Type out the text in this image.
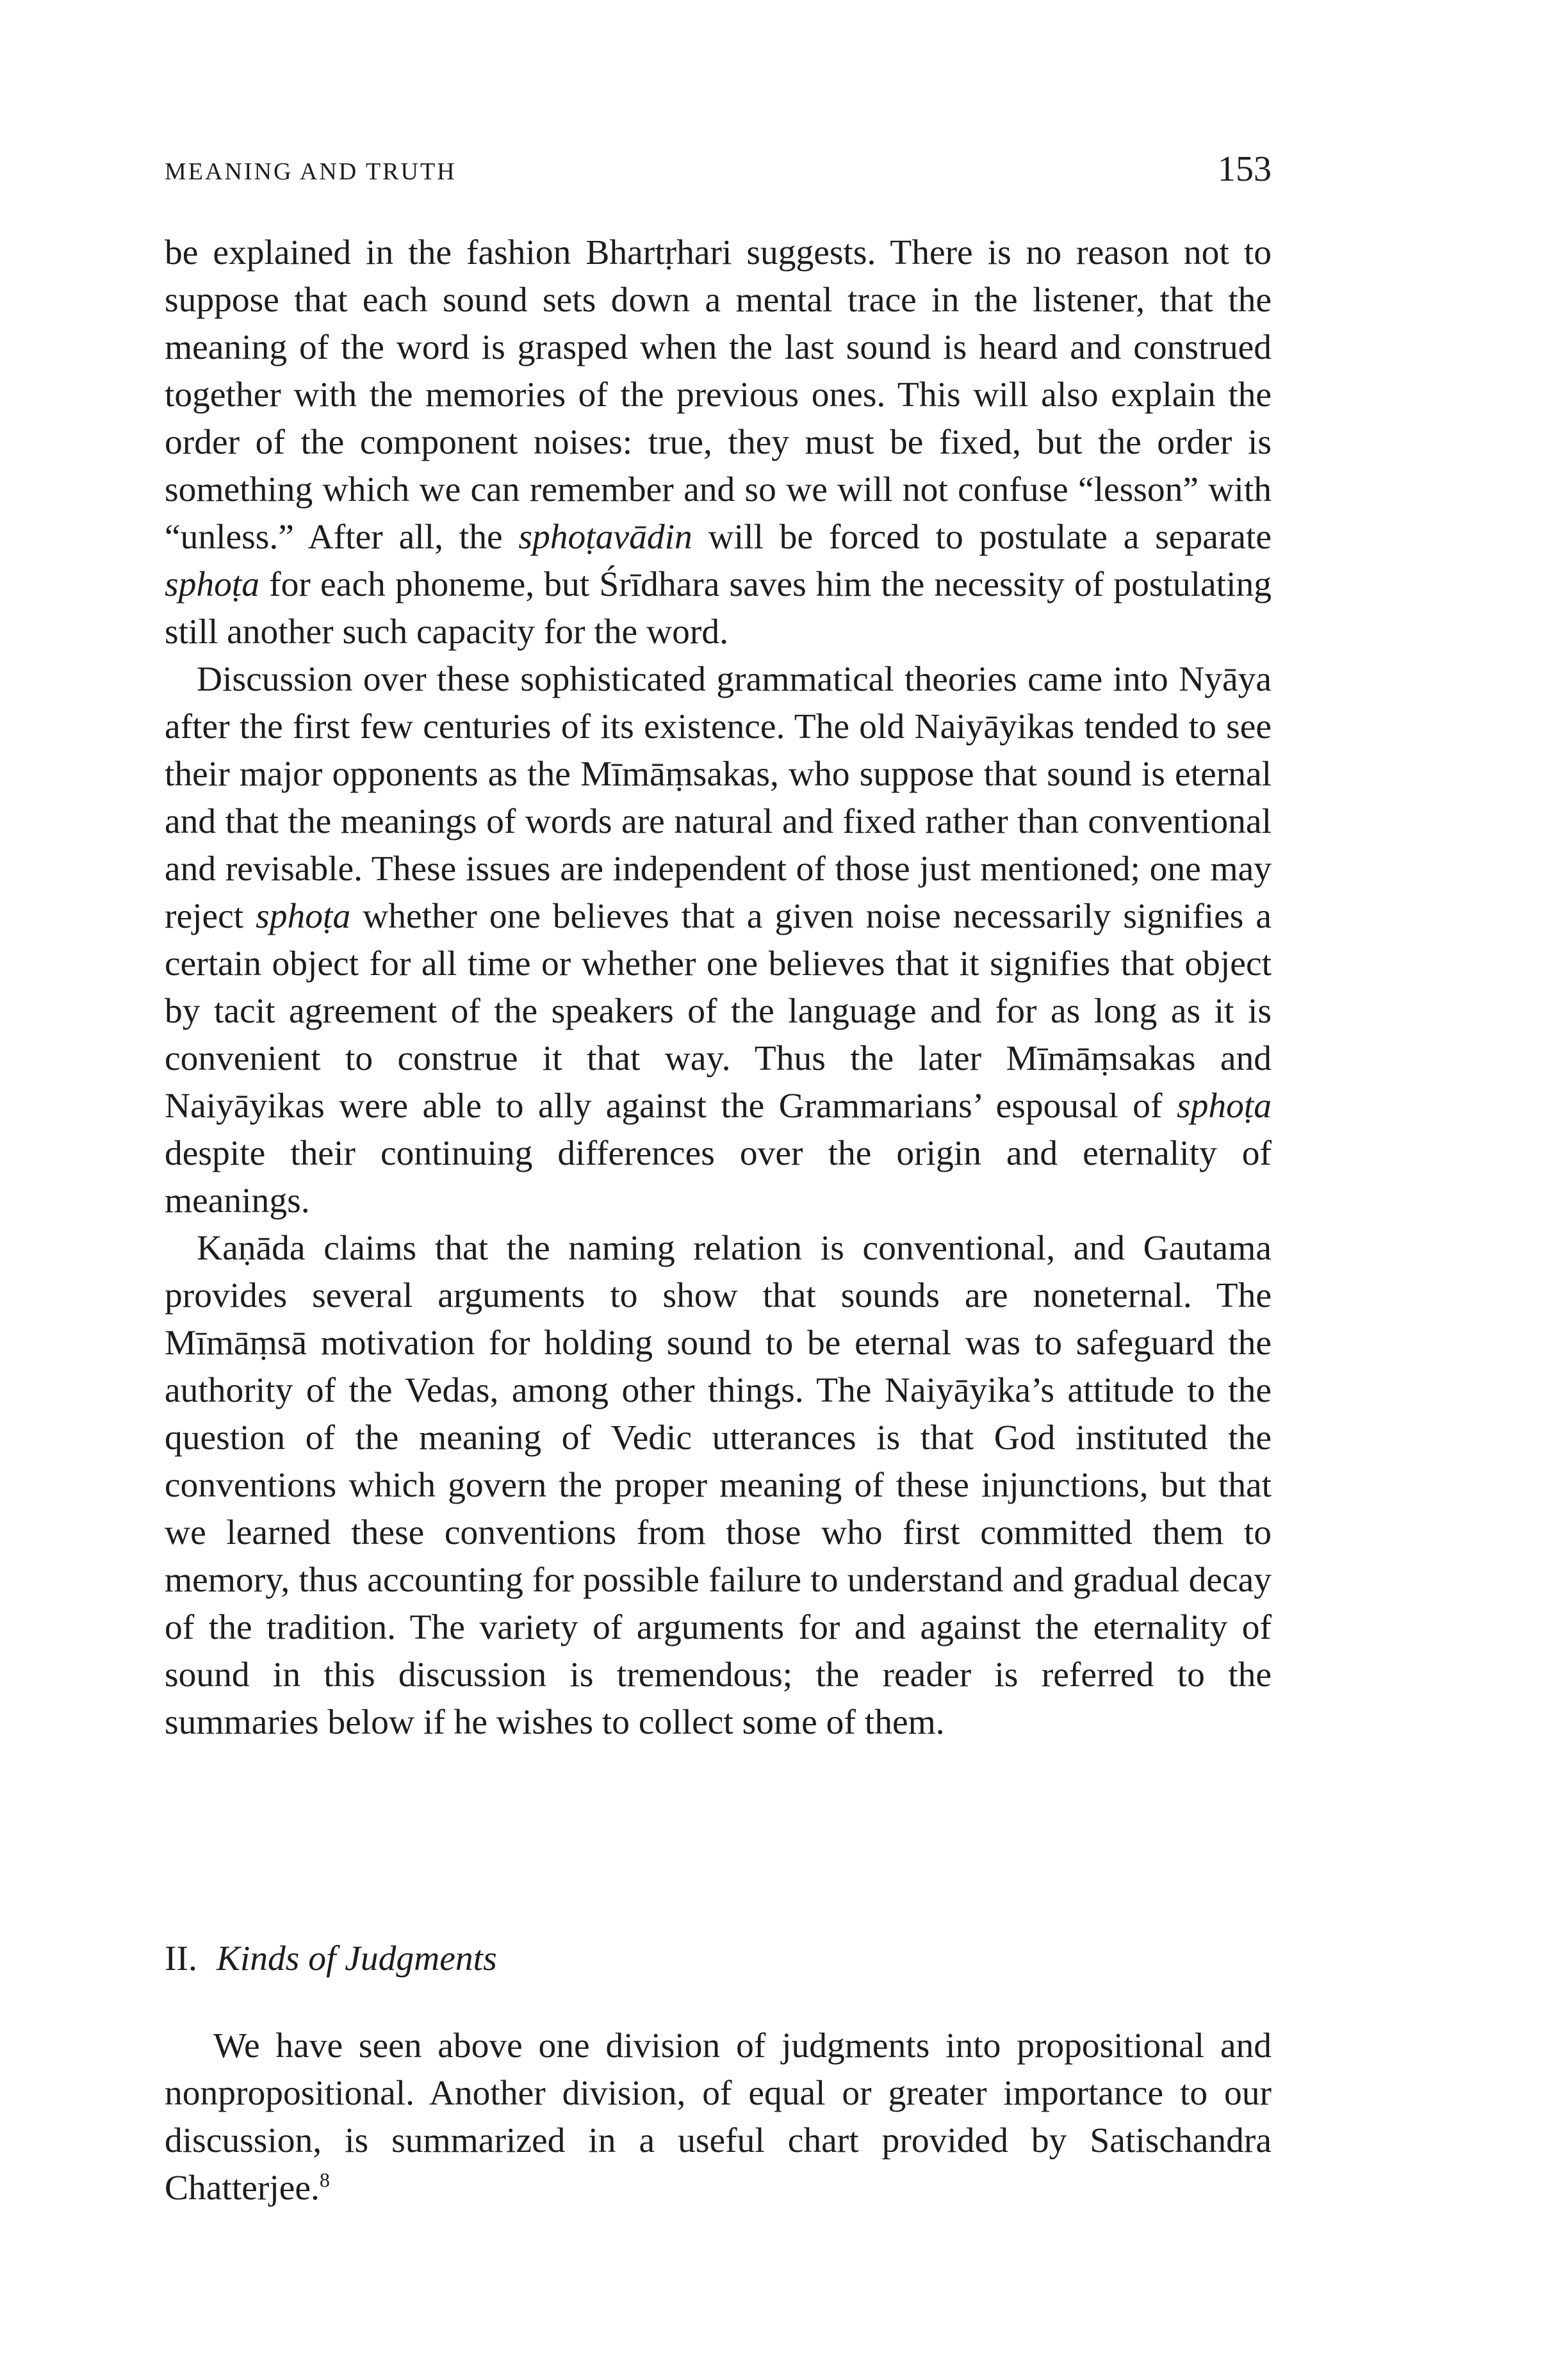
MEANING AND TRUTH	153

be explained in the fashion Bhartṛhari suggests. There is no reason not to suppose that each sound sets down a mental trace in the listener, that the meaning of the word is grasped when the last sound is heard and construed together with the memories of the previous ones. This will also explain the order of the component noises: true, they must be fixed, but the order is something which we can remember and so we will not confuse “lesson” with “unless.” After all, the sphoṭavādin will be forced to postulate a separate sphoṭa for each phoneme, but Śrīdhara saves him the necessity of postulating still another such capacity for the word.

Discussion over these sophisticated grammatical theories came into Nyāya after the first few centuries of its existence. The old Naiyāyikas tended to see their major opponents as the Mīmāṃsakas, who suppose that sound is eternal and that the meanings of words are natural and fixed rather than conventional and revisable. These issues are independent of those just mentioned; one may reject sphoṭa whether one believes that a given noise necessarily signifies a certain object for all time or whether one believes that it signifies that object by tacit agreement of the speakers of the language and for as long as it is convenient to construe it that way. Thus the later Mīmāṃsakas and Naiyāyikas were able to ally against the Grammarians’ espousal of sphoṭa despite their continuing differences over the origin and eternality of meanings.

Kaṇāda claims that the naming relation is conventional, and Gautama provides several arguments to show that sounds are noneternal. The Mīmāṃsā motivation for holding sound to be eternal was to safeguard the authority of the Vedas, among other things. The Naiyāyika’s attitude to the question of the meaning of Vedic utterances is that God instituted the conventions which govern the proper meaning of these injunctions, but that we learned these conventions from those who first committed them to memory, thus accounting for possible failure to understand and gradual decay of the tradition. The variety of arguments for and against the eternality of sound in this discussion is tremendous; the reader is referred to the summaries below if he wishes to collect some of them.

II. Kinds of Judgments

We have seen above one division of judgments into propositional and nonpropositional. Another division, of equal or greater importance to our discussion, is summarized in a useful chart provided by Satischandra Chatterjee.$^8$
